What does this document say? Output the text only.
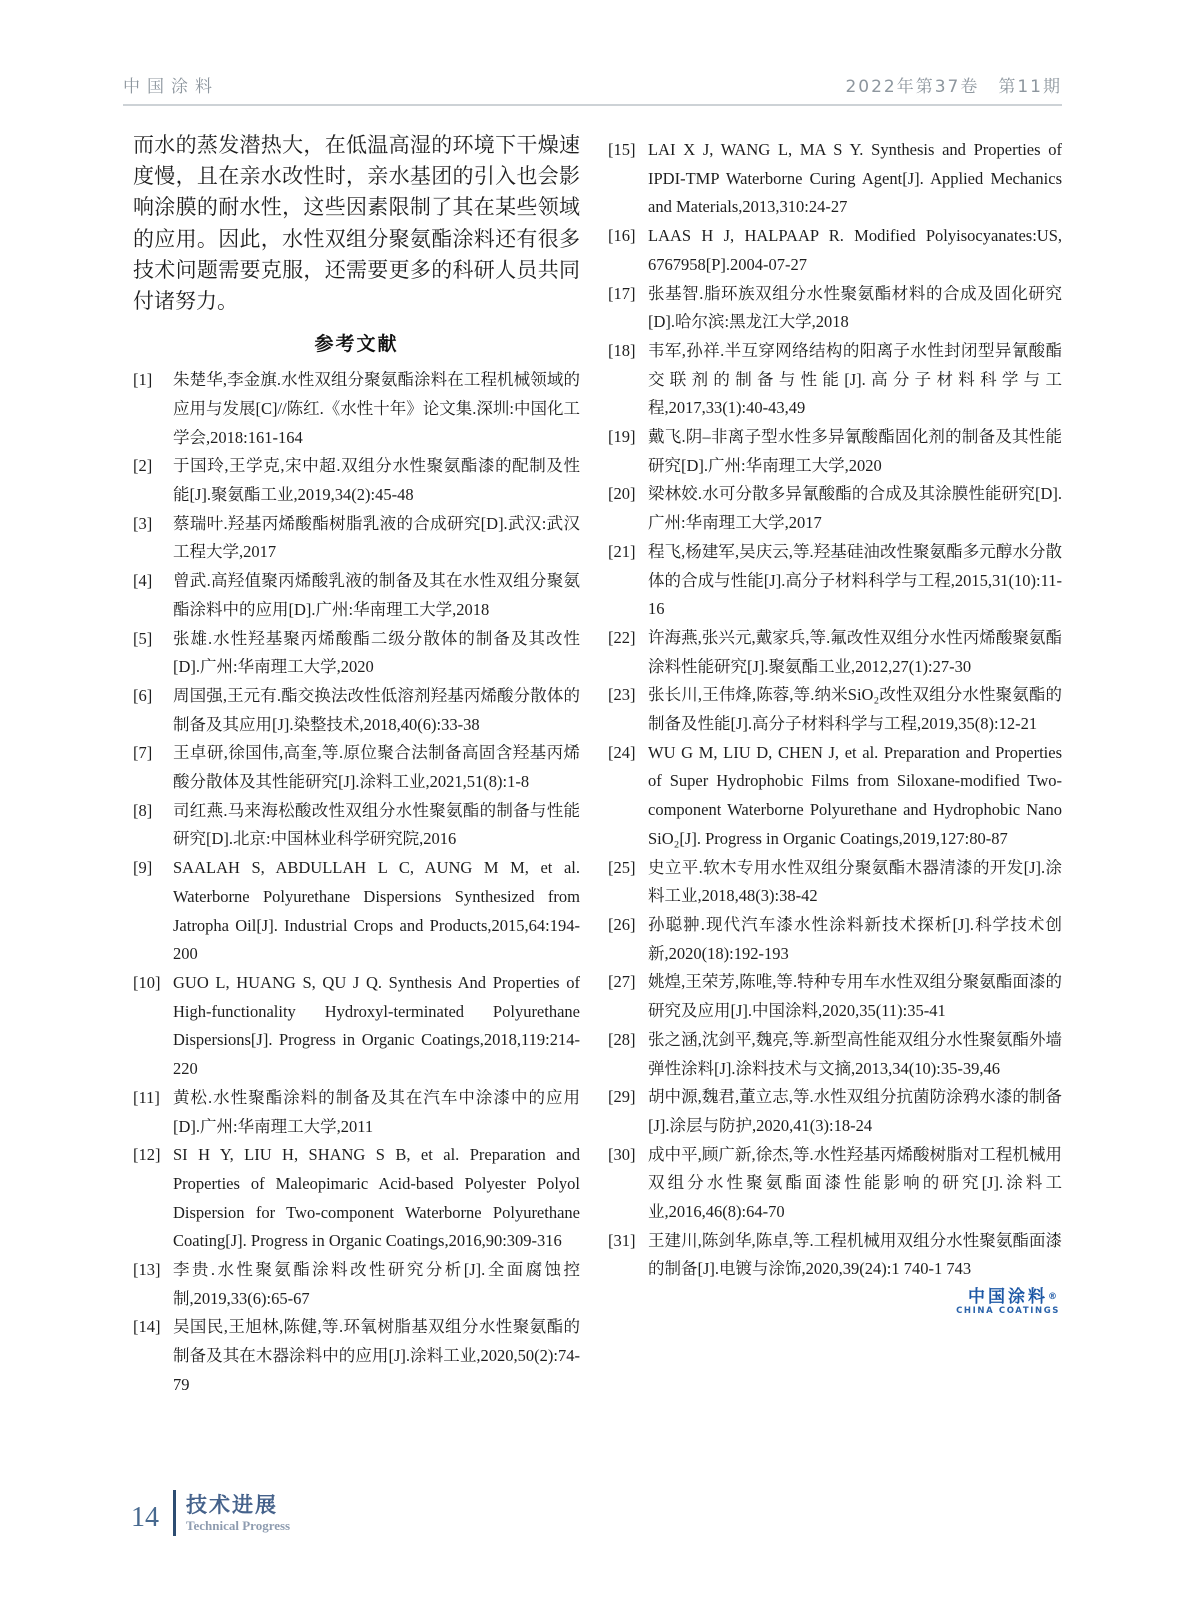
中国涂料	2022年第37卷　第11期

而水的蒸发潜热大，在低温高湿的环境下干燥速度慢，且在亲水改性时，亲水基团的引入也会影响涂膜的耐水性，这些因素限制了其在某些领域的应用。因此，水性双组分聚氨酯涂料还有很多技术问题需要克服，还需要更多的科研人员共同付诸努力。

参考文献
[1]	朱楚华,李金旗.水性双组分聚氨酯涂料在工程机械领域的应用与发展[C]//陈红.《水性十年》论文集.深圳:中国化工学会,2018:161-164
[2]	于国玲,王学克,宋中超.双组分水性聚氨酯漆的配制及性能[J].聚氨酯工业,2019,34(2):45-48
[3]	蔡瑞叶.羟基丙烯酸酯树脂乳液的合成研究[D].武汉:武汉工程大学,2017
[4]	曾武.高羟值聚丙烯酸乳液的制备及其在水性双组分聚氨酯涂料中的应用[D].广州:华南理工大学,2018
[5]	张雄.水性羟基聚丙烯酸酯二级分散体的制备及其改性[D].广州:华南理工大学,2020
[6]	周国强,王元有.酯交换法改性低溶剂羟基丙烯酸分散体的制备及其应用[J].染整技术,2018,40(6):33-38
[7]	王卓研,徐国伟,高奎,等.原位聚合法制备高固含羟基丙烯酸分散体及其性能研究[J].涂料工业,2021,51(8):1-8
[8]	司红燕.马来海松酸改性双组分水性聚氨酯的制备与性能研究[D].北京:中国林业科学研究院,2016
[9]	SAALAH S, ABDULLAH L C, AUNG M M, et al. Waterborne Polyurethane Dispersions Synthesized from Jatropha Oil[J]. Industrial Crops and Products,2015,64:194-200
[10] GUO L, HUANG S, QU J Q. Synthesis And Properties of High-functionality Hydroxyl-terminated Polyurethane Dispersions[J]. Progress in Organic Coatings,2018,119:214-220
[11] 黄松.水性聚酯涂料的制备及其在汽车中涂漆中的应用[D].广州:华南理工大学,2011
[12] SI H Y, LIU H, SHANG S B, et al. Preparation and Properties of Maleopimaric Acid-based Polyester Polyol Dispersion for Two-component Waterborne Polyurethane Coating[J]. Progress in Organic Coatings,2016,90:309-316
[13] 李贵.水性聚氨酯涂料改性研究分析[J].全面腐蚀控制,2019,33(6):65-67
[14] 吴国民,王旭林,陈健,等.环氧树脂基双组分水性聚氨酯的制备及其在木器涂料中的应用[J].涂料工业,2020,50(2):74-79
[15] LAI X J, WANG L, MA S Y. Synthesis and Properties of IPDI-TMP Waterborne Curing Agent[J]. Applied Mechanics and Materials,2013,310:24-27
[16] LAAS H J, HALPAAP R. Modified Polyisocyanates:US, 6767958[P].2004-07-27
[17] 张基智.脂环族双组分水性聚氨酯材料的合成及固化研究[D].哈尔滨:黑龙江大学,2018
[18] 韦军,孙祥.半互穿网络结构的阳离子水性封闭型异氰酸酯交联剂的制备与性能[J].高分子材料科学与工程,2017,33(1):40-43,49
[19] 戴飞.阴–非离子型水性多异氰酸酯固化剂的制备及其性能研究[D].广州:华南理工大学,2020
[20] 梁林姣.水可分散多异氰酸酯的合成及其涂膜性能研究[D].广州:华南理工大学,2017
[21] 程飞,杨建军,吴庆云,等.羟基硅油改性聚氨酯多元醇水分散体的合成与性能[J].高分子材料科学与工程,2015,31(10):11-16
[22] 许海燕,张兴元,戴家兵,等.氟改性双组分水性丙烯酸聚氨酯涂料性能研究[J].聚氨酯工业,2012,27(1):27-30
[23] 张长川,王伟烽,陈蓉,等.纳米SiO₂改性双组分水性聚氨酯的制备及性能[J].高分子材料科学与工程,2019,35(8):12-21
[24] WU G M, LIU D, CHEN J, et al. Preparation and Properties of Super Hydrophobic Films from Siloxane-modified Two-component Waterborne Polyurethane and Hydrophobic Nano SiO₂[J]. Progress in Organic Coatings,2019,127:80-87
[25] 史立平.软木专用水性双组分聚氨酯木器清漆的开发[J].涂料工业,2018,48(3):38-42
[26] 孙聪翀.现代汽车漆水性涂料新技术探析[J].科学技术创新,2020(18):192-193
[27] 姚煌,王荣芳,陈唯,等.特种专用车水性双组分聚氨酯面漆的研究及应用[J].中国涂料,2020,35(11):35-41
[28] 张之涵,沈剑平,魏亮,等.新型高性能双组分水性聚氨酯外墙弹性涂料[J].涂料技术与文摘,2013,34(10):35-39,46
[29] 胡中源,魏君,董立志,等.水性双组分抗菌防涂鸦水漆的制备[J].涂层与防护,2020,41(3):18-24
[30] 成中平,顾广新,徐杰,等.水性羟基丙烯酸树脂对工程机械用双组分水性聚氨酯面漆性能影响的研究[J].涂料工业,2016,46(8):64-70
[31] 王建川,陈剑华,陈卓,等.工程机械用双组分水性聚氨酯面漆的制备[J].电镀与涂饰,2020,39(24):1 740-1 743
中国涂料®
CHINA COATINGS
14 技术进展
Technical Progress
